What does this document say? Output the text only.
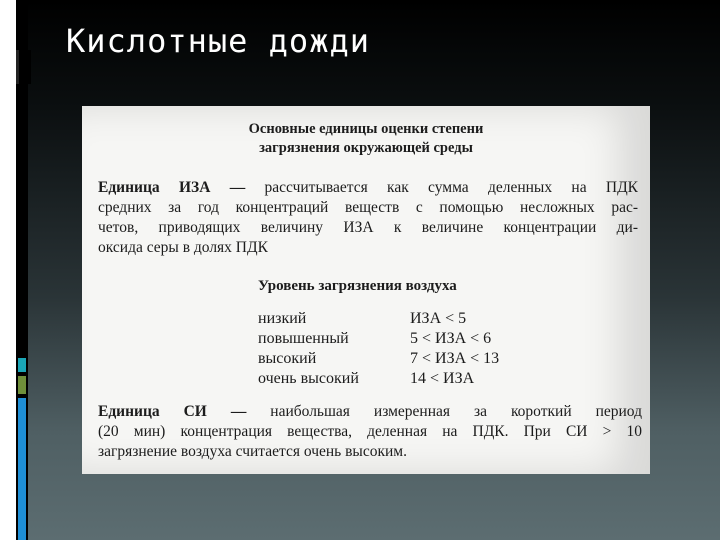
Кислотные дожди
Основные единицы оценки степени
загрязнения окружающей среды
Единица ИЗА — рассчитывается как сумма деленных на ПДК
средних за год концентраций веществ с помощью несложных рас-
четов, приводящих величину ИЗА к величине концентрации ди-
оксида серы в долях ПДК
Уровень загрязнения воздуха
низкий	ИЗА < 5
повышенный	5 < ИЗА < 6
высокий	7 < ИЗА < 13
очень высокий	14 < ИЗА
Единица СИ — наибольшая измеренная за короткий период
(20 мин) концентрация вещества, деленная на ПДК. При СИ > 10
загрязнение воздуха считается очень высоким.
